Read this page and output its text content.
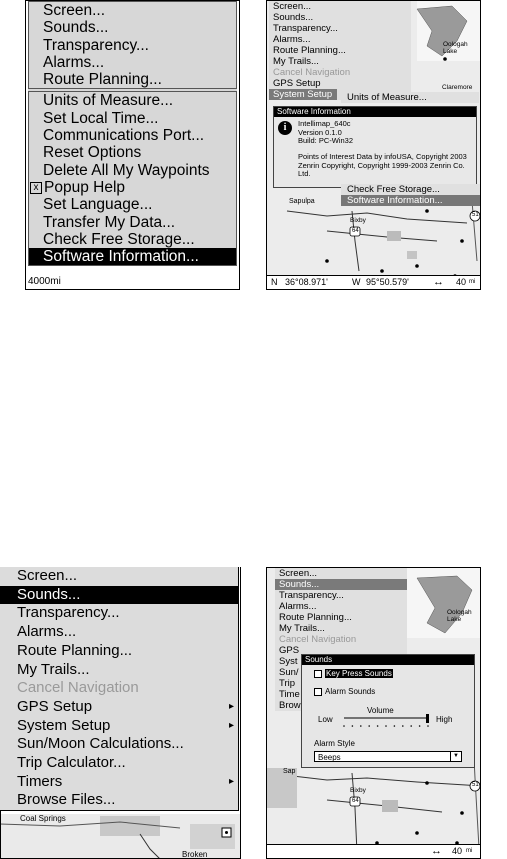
Screen...
Sounds...
Transparency...
Alarms...
Route Planning...
Units of Measure...
Set Local Time...
Communications Port...
Reset Options
Delete All My Waypoints
x Popup Help
Set Language...
Transfer My Data...
Check Free Storage...
Software Information...
4000mi
Oologah Lake
Claremore
Sapulpa
Bixby
64
51
Screen...
Sounds...
Transparency...
Alarms...
Route Planning...
My Trails...
Cancel Navigation
GPS Setup
System Setup	Units of Measure...
Software Information
i	Intellimap_640c
Version 0.1.0
Build: PC-Win32
Points of Interest Data by infoUSA, Copyright 2003
Zenrin Copyright, Copyright 1999-2003 Zenrin Co. Ltd.
Check Free Storage...
Software Information...
N 36°08.971'	W 95°50.579' ↔ 40 mi
Coal Springs
Broken
Screen...
Sounds...
Transparency...
Alarms...
Route Planning...
My Trails...
Cancel Navigation
GPS Setup	▸
System Setup	▸
Sun/Moon Calculations...
Trip Calculator...
Timers	▸
Browse Files...
Oologah Lake
Sap
Bixby
64
51
Screen...
Sounds...
Transparency...
Alarms...
Route Planning...
My Trails...
Cancel Navigation
GPS
Syst
Sun/
Trip
Time
Brow
Sounds
Key Press Sounds
Alarm Sounds
Volume
Low	High
Alarm Style
Beeps	▼
↔ 40 mi
